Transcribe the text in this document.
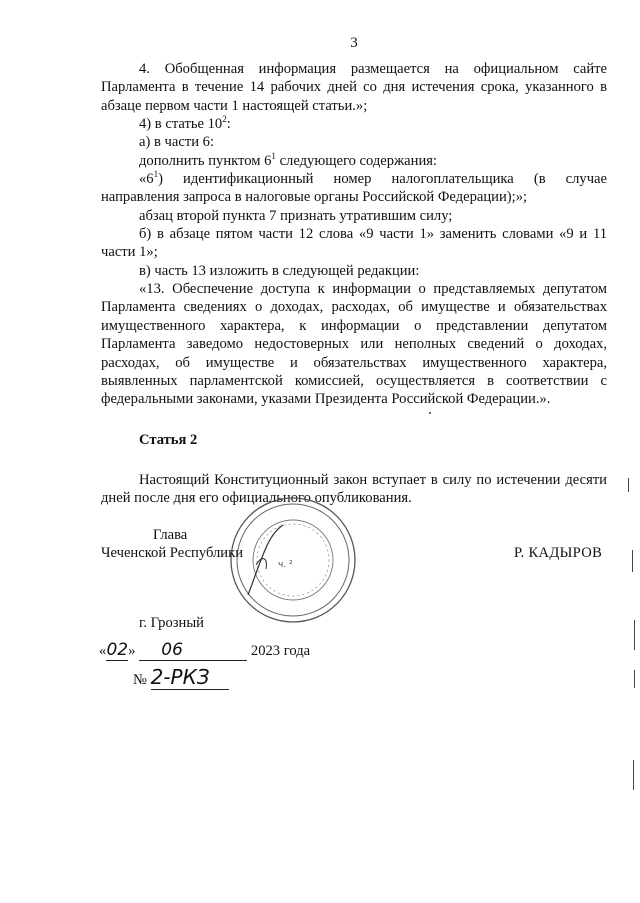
3

4. Обобщенная информация размещается на официальном сайте Парламента в течение 14 рабочих дней со дня истечения срока, указанного в абзаце первом части 1 настоящей статьи.»;

4) в статье $10^2$:

а) в части 6:

дополнить пунктом $6^1$ следующего содержания:

«$6^1$) идентификационный номер налогоплательщика (в случае направления запроса в налоговые органы Российской Федерации);»;

абзац второй пункта 7 признать утратившим силу;

б) в абзаце пятом части 12 слова «9 части 1» заменить словами «9 и 11 части 1»;

в) часть 13 изложить в следующей редакции:

«13. Обеспечение доступа к информации о представляемых депутатом Парламента сведениях о доходах, расходах, об имуществе и обязательствах имущественного характера, к информации о представлении депутатом Парламента заведомо недостоверных или неполных сведений о доходах, расходах, об имуществе и обязательствах имущественного характера, выявленных парламентской комиссией, осуществляется в соответствии с федеральными законами, указами Президента Российской Федерации.».

Статья 2

Настоящий Конституционный закон вступает в силу по истечении десяти дней после дня его официального опубликования.

ч. ²
Глава
Чеченской Республики	Р. КАДЫРОВ
г. Грозный
«02» 06	2023 года
№ 2-РКЗ
